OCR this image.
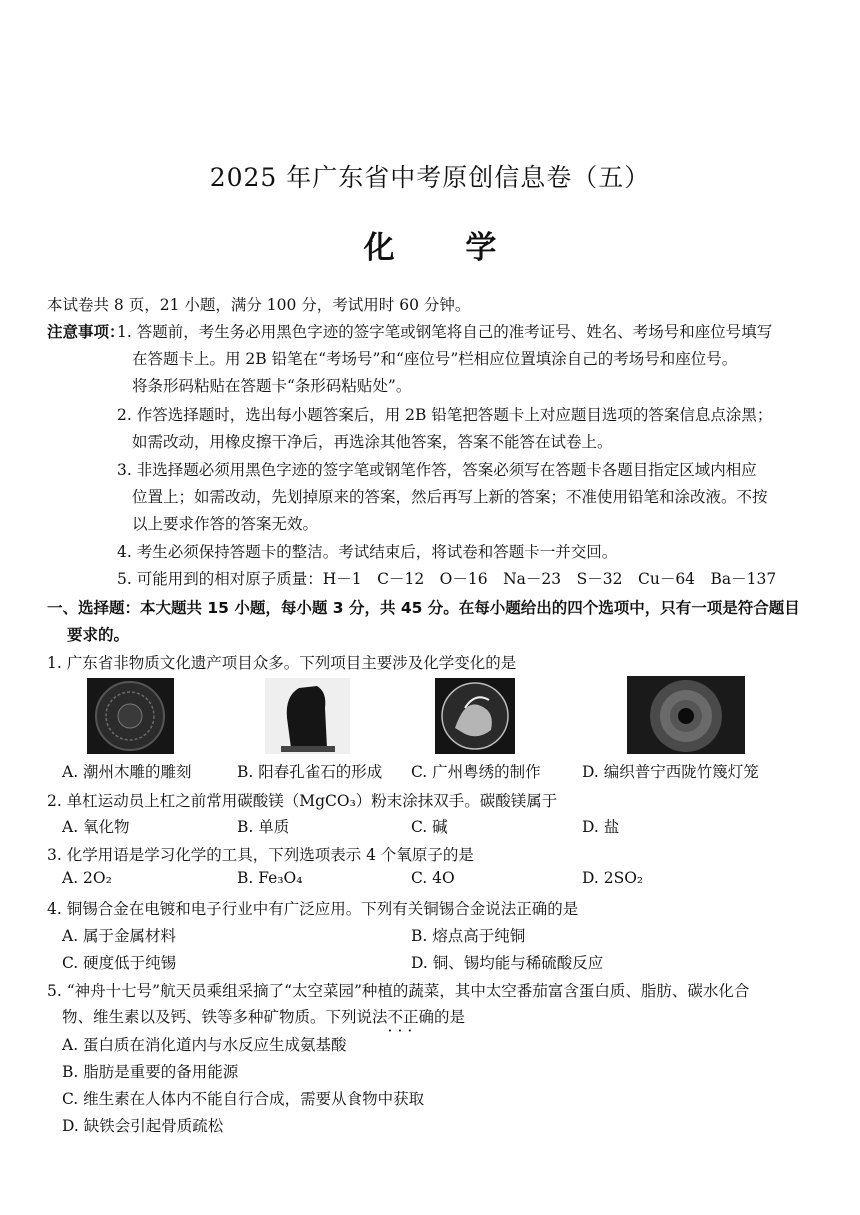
2025 年广东省中考原创信息卷（五）
化 学
本试卷共 8 页，21 小题，满分 100 分，考试用时 60 分钟。
注意事项：
1. 答题前，考生务必用黑色字迹的签字笔或钢笔将自己的准考证号、姓名、考场号和座位号填写
在答题卡上。用 2B 铅笔在“考场号”和“座位号”栏相应位置填涂自己的考场号和座位号。
将条形码粘贴在答题卡“条形码粘贴处”。
2. 作答选择题时，选出每小题答案后，用 2B 铅笔把答题卡上对应题目选项的答案信息点涂黑；
如需改动，用橡皮擦干净后，再选涂其他答案，答案不能答在试卷上。
3. 非选择题必须用黑色字迹的签字笔或钢笔作答，答案必须写在答题卡各题目指定区域内相应
位置上；如需改动，先划掉原来的答案，然后再写上新的答案；不准使用铅笔和涂改液。不按
以上要求作答的答案无效。
4. 考生必须保持答题卡的整洁。考试结束后，将试卷和答题卡一并交回。
5. 可能用到的相对原子质量：H－1　C－12　O－16　Na－23　S－32　Cu－64　Ba－137
一、选择题：本大题共 15 小题，每小题 3 分，共 45 分。在每小题给出的四个选项中，只有一项是符合题目
要求的。
1. 广东省非物质文化遗产项目众多。下列项目主要涉及化学变化的是
A. 潮州木雕的雕刻	B. 阳春孔雀石的形成 C. 广州粤绣的制作	D. 编织普宁西陇竹篾灯笼
2. 单杠运动员上杠之前常用碳酸镁（MgCO₃）粉末涂抹双手。碳酸镁属于
A. 氧化物	B. 单质	C. 碱	D. 盐
3. 化学用语是学习化学的工具，下列选项表示 4 个氧原子的是
A. 2O₂	B. Fe₃O₄	C. 4O	D. 2SO₂
4. 铜锡合金在电镀和电子行业中有广泛应用。下列有关铜锡合金说法正确的是
A. 属于金属材料	B. 熔点高于纯铜
C. 硬度低于纯锡	D. 铜、锡均能与稀硫酸反应
5. “神舟十七号”航天员乘组采摘了“太空菜园”种植的蔬菜，其中太空番茄富含蛋白质、脂肪、碳水化合
物、维生素以及钙、铁等多种矿物质。下列说法不正确
···
的是
A. 蛋白质在消化道内与水反应生成氨基酸
B. 脂肪是重要的备用能源
C. 维生素在人体内不能自行合成，需要从食物中获取
D. 缺铁会引起骨质疏松
